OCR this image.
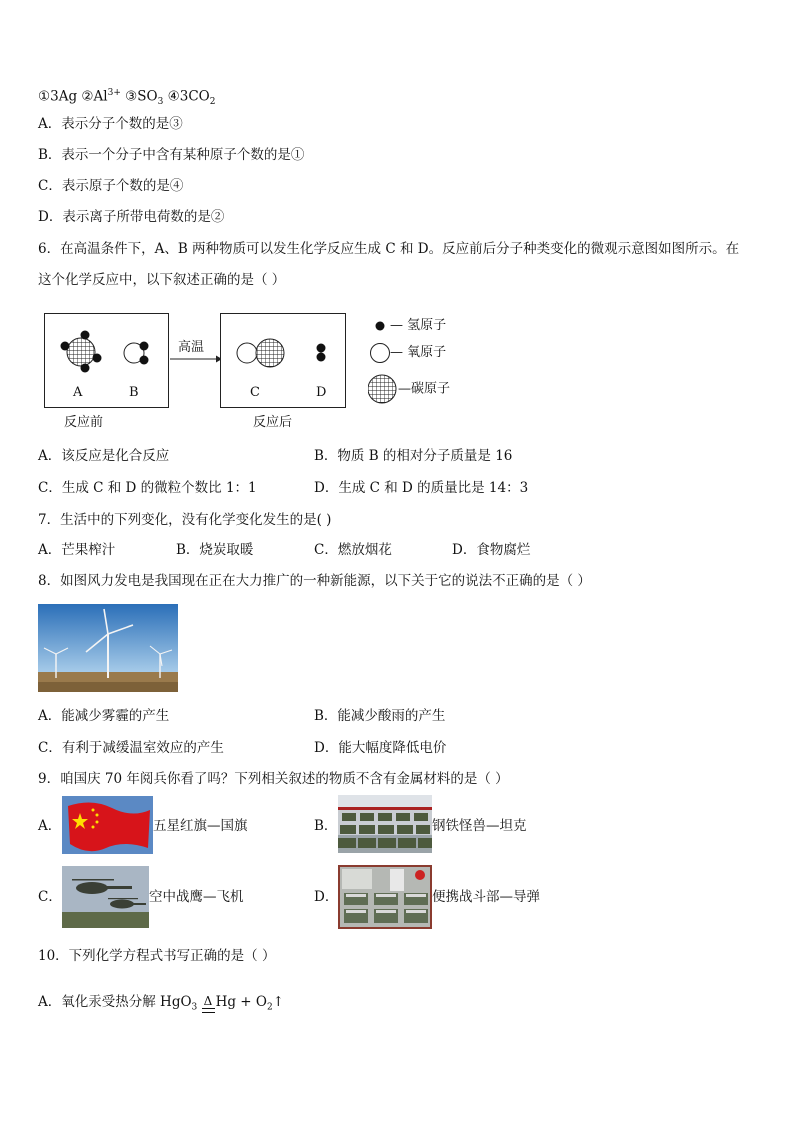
①3Ag $②Al^{3+}$ $③SO_3$ $④3CO_2$
A．表示分子个数的是③
B．表示一个分子中含有某种原子个数的是①
C．表示原子个数的是④
D．表示离子所带电荷数的是②
6．在高温条件下，A、B 两种物质可以发生化学反应生成 C 和 D。反应前后分子种类变化的微观示意图如图所示。在
这个化学反应中，以下叙述正确的是（ ）
A	B
高温
C	D
反应前	反应后
— 氢原子
— 氧原子
—碳原子
A．该反应是化合反应	B．物质 B 的相对分子质量是 16
C．生成 C 和 D 的微粒个数比 1：1	D．生成 C 和 D 的质量比是 14：3
7．生活中的下列变化，没有化学变化发生的是( )
A．芒果榨汁	B．烧炭取暖	C．燃放烟花	D．食物腐烂
8．如图风力发电是我国现在正在大力推广的一种新能源，以下关于它的说法不正确的是（ ）
A．能减少雾霾的产生	B．能减少酸雨的产生
C．有利于减缓温室效应的产生	D．能大幅度降低电价
9．咱国庆 70 年阅兵你看了吗？下列相关叙述的物质不含有金属材料的是（ ）
A．	五星红旗—国旗	B．	钢铁怪兽—坦克
C．	空中战鹰—飞机	D．	便携战斗部—导弹
10．下列化学方程式书写正确的是（ ）
A．氧化汞受热分解 HgO$_3$ Δ $Hg + O_2↑$
